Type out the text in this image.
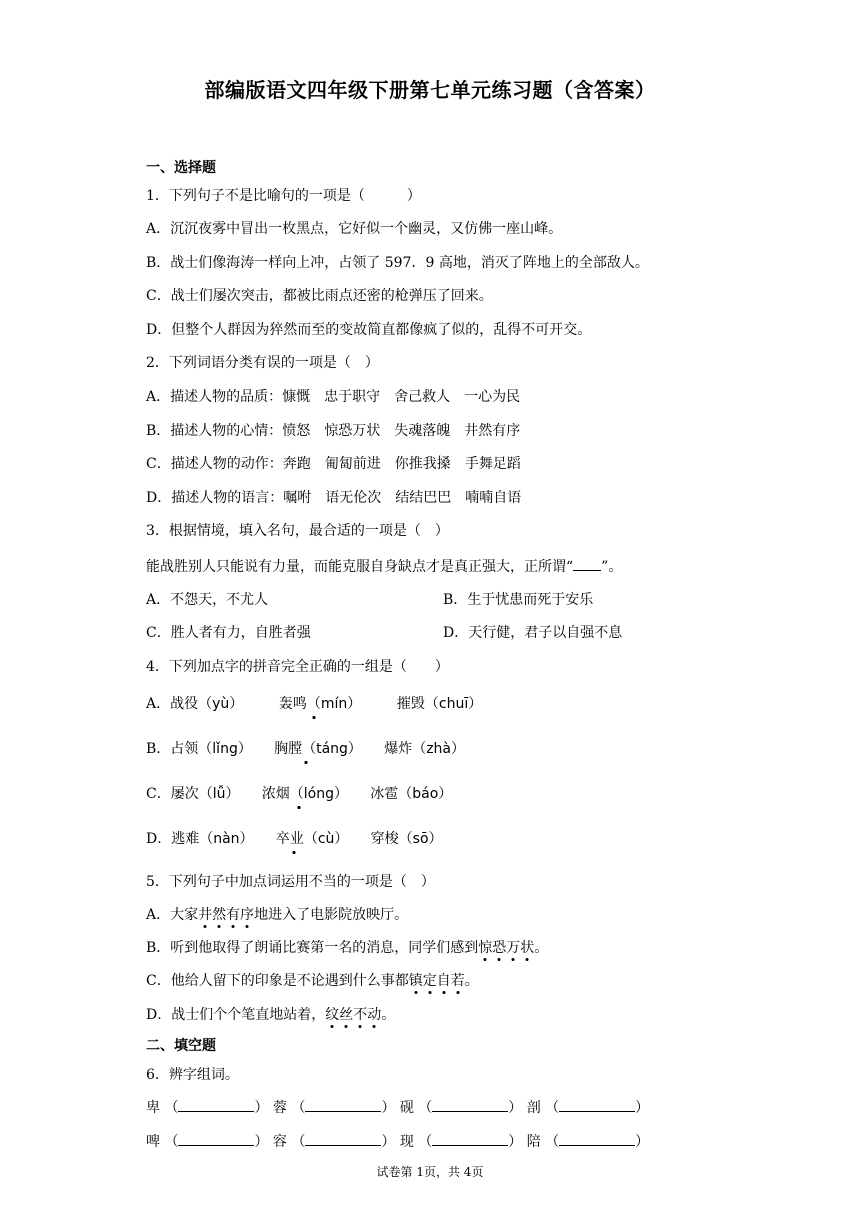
部编版语文四年级下册第七单元练习题（含答案）
一、选择题
1．下列句子不是比喻句的一项是（　　　）
A．沉沉夜雾中冒出一枚黑点，它好似一个幽灵，又仿佛一座山峰。
B．战士们像海涛一样向上冲，占领了 597．9 高地，消灭了阵地上的全部敌人。
C．战士们屡次突击，都被比雨点还密的枪弹压了回来。
D．但整个人群因为猝然而至的变故简直都像疯了似的，乱得不可开交。
2．下列词语分类有误的一项是（　）
A．描述人物的品质：慷慨　忠于职守　舍己救人　一心为民
B．描述人物的心情：愤怒　惊恐万状　失魂落魄　井然有序
C．描述人物的动作：奔跑　匍匐前进　你推我搡　手舞足蹈
D．描述人物的语言：嘱咐　语无伦次　结结巴巴　喃喃自语
3．根据情境，填入名句，最合适的一项是（　）
能战胜别人只能说有力量，而能克服自身缺点才是真正强大，正所谓“ ”。
A．不怨天，不尤人	B．生于忧患而死于安乐
C．胜人者有力，自胜者强	D．天行健，君子以自强不息
4．下列加点字的拼音完全正确的一组是（　　）
A．战役（yù）	轰鸣（mín）	摧毁（chuī）
B．占领（lǐng） 胸膛（táng） 爆炸（zhà）
C．屡次（lǚ） 浓烟（lóng） 冰雹（báo）
D．逃难（nàn） 卒业（cù） 穿梭（sō）
5．下列句子中加点词运用不当的一项是（　）
A．大家井然有序地进入了电影院放映厅。
B．听到他取得了朗诵比赛第一名的消息，同学们感到惊恐万状。
C．他给人留下的印象是不论遇到什么事都镇定自若。
D．战士们个个笔直地站着，纹丝不动。
二、填空题
6．辨字组词。
卑 （	） 蓉 （	） 砚 （	） 剖 （	）
啤 （	） 容 （	） 现 （	） 陪 （	）
试卷第 1页，共 4页
